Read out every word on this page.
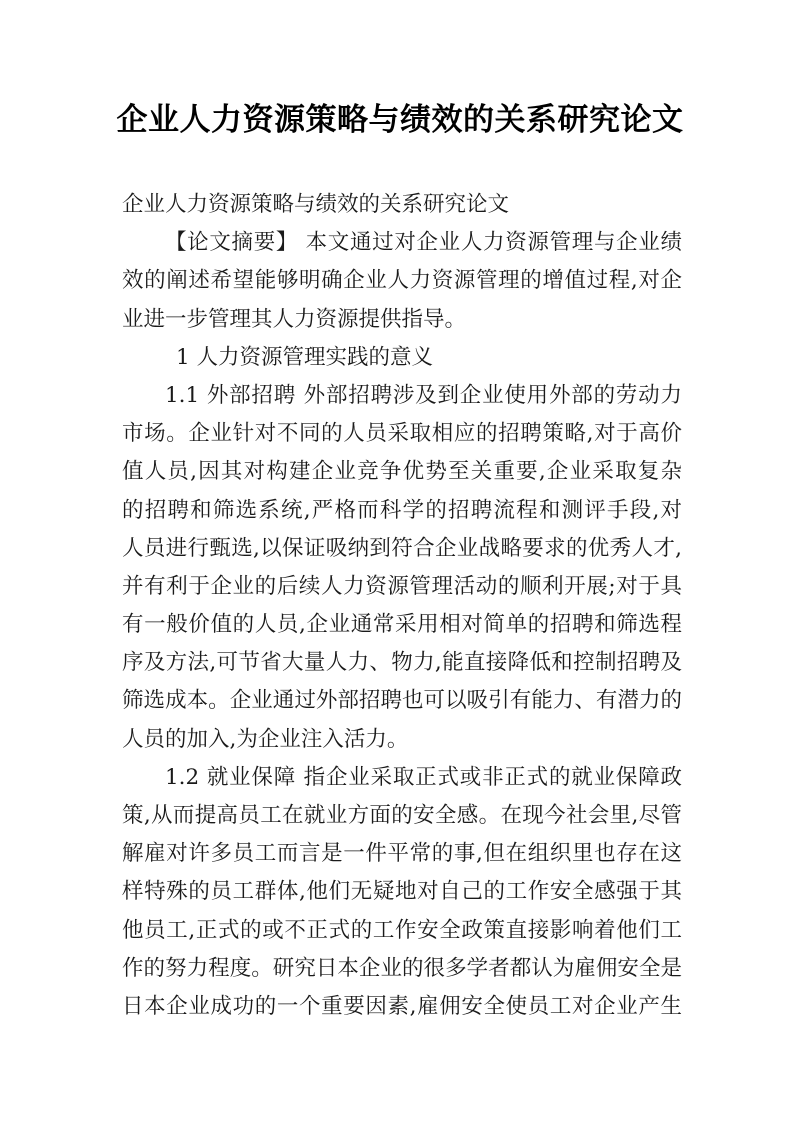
企业人力资源策略与绩效的关系研究论文
企业人力资源策略与绩效的关系研究论文
【论文摘要】 本文通过对企业人力资源管理与企业绩
效的阐述希望能够明确企业人力资源管理的增值过程,对企
业进一步管理其人力资源提供指导。
1 人力资源管理实践的意义
1.1 外部招聘 外部招聘涉及到企业使用外部的劳动力
市场。企业针对不同的人员采取相应的招聘策略,对于高价
值人员,因其对构建企业竞争优势至关重要,企业采取复杂
的招聘和筛选系统,严格而科学的招聘流程和测评手段,对
人员进行甄选,以保证吸纳到符合企业战略要求的优秀人才,
并有利于企业的后续人力资源管理活动的顺利开展;对于具
有一般价值的人员,企业通常采用相对简单的招聘和筛选程
序及方法,可节省大量人力、物力,能直接降低和控制招聘及
筛选成本。企业通过外部招聘也可以吸引有能力、有潜力的
人员的加入,为企业注入活力。
1.2 就业保障 指企业采取正式或非正式的就业保障政
策,从而提高员工在就业方面的安全感。在现今社会里,尽管
解雇对许多员工而言是一件平常的事,但在组织里也存在这
样特殊的员工群体,他们无疑地对自己的工作安全感强于其
他员工,正式的或不正式的工作安全政策直接影响着他们工
作的努力程度。研究日本企业的很多学者都认为雇佣安全是
日本企业成功的一个重要因素,雇佣安全使员工对企业产生
